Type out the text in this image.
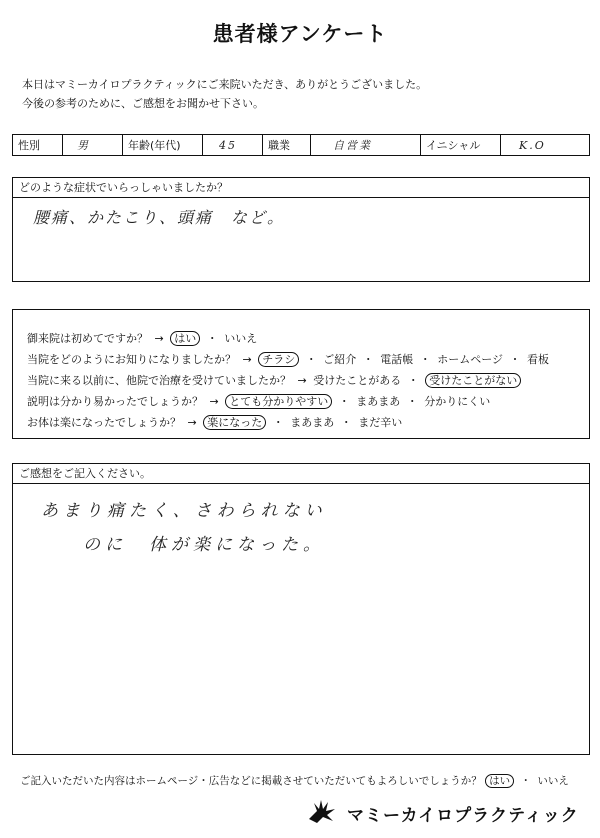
患者様アンケート
本日はマミーカイロプラクティックにご来院いただき、ありがとうございました。
今後の参考のために、ご感想をお聞かせ下さい。
性別	男	年齢(年代)	45	職業	自営業	イニシャル	K.O
どのような症状でいらっしゃいましたか？
腰痛、かたこり、頭痛　など。
御来院は初めてですか？ → はい ・ いいえ
当院をどのようにお知りになりましたか？ → チラシ ・ ご紹介 ・ 電話帳 ・ ホームページ ・ 看板
当院に来る以前に、他院で治療を受けていましたか？ → 受けたことがある ・ 受けたことがない
説明は分かり易かったでしょうか？ → とても分かりやすい ・ まあまあ ・ 分かりにくい
お体は楽になったでしょうか？ → 楽になった ・ まあまあ ・ まだ辛い
ご感想をご記入ください。
あまり痛たく、さわられない
のに　体が楽になった。
ご記入いただいた内容はホームページ・広告などに掲載させていただいてもよろしいでしょうか？ はい ・ いいえ
マミーカイロプラクティック
